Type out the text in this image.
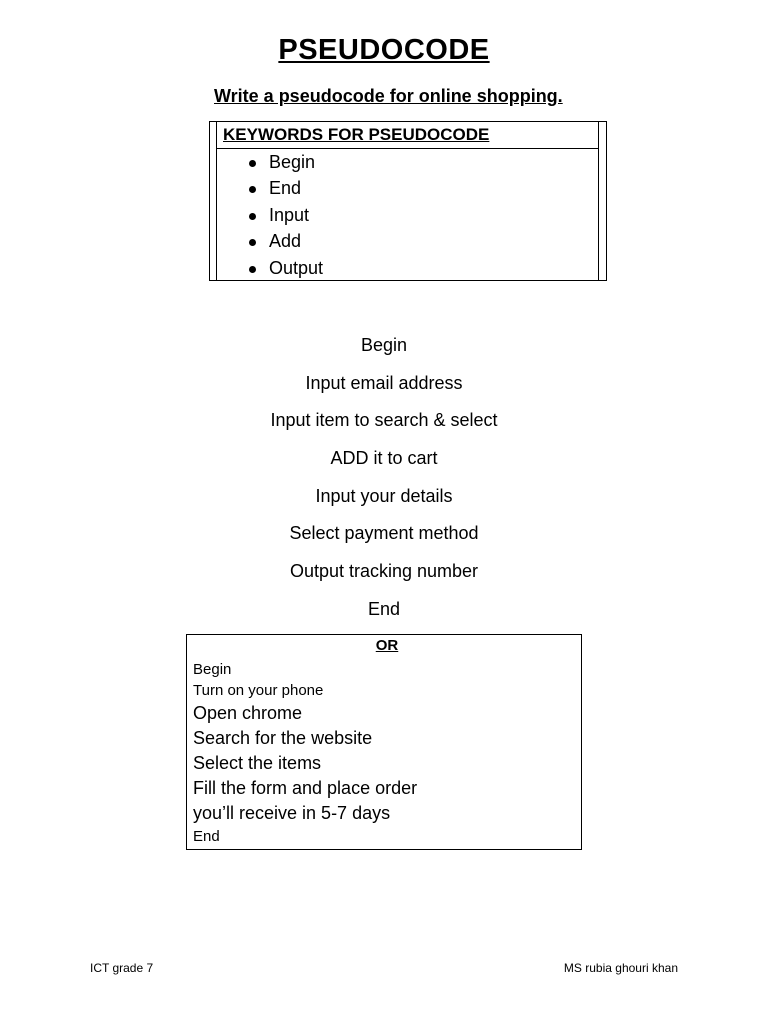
PSEUDOCODE
Write a pseudocode for online shopping.
KEYWORDS FOR PSEUDOCODE
Begin
End
Input
Add
Output
Begin
Input email address
Input item to search & select
ADD it to cart
Input your details
Select payment method
Output tracking number
End
OR
Begin
Turn on your phone
Open chrome
Search for the website
Select the items
Fill the form and place order
you’ll receive in 5-7 days
End
ICT grade 7	MS rubia ghouri khan
